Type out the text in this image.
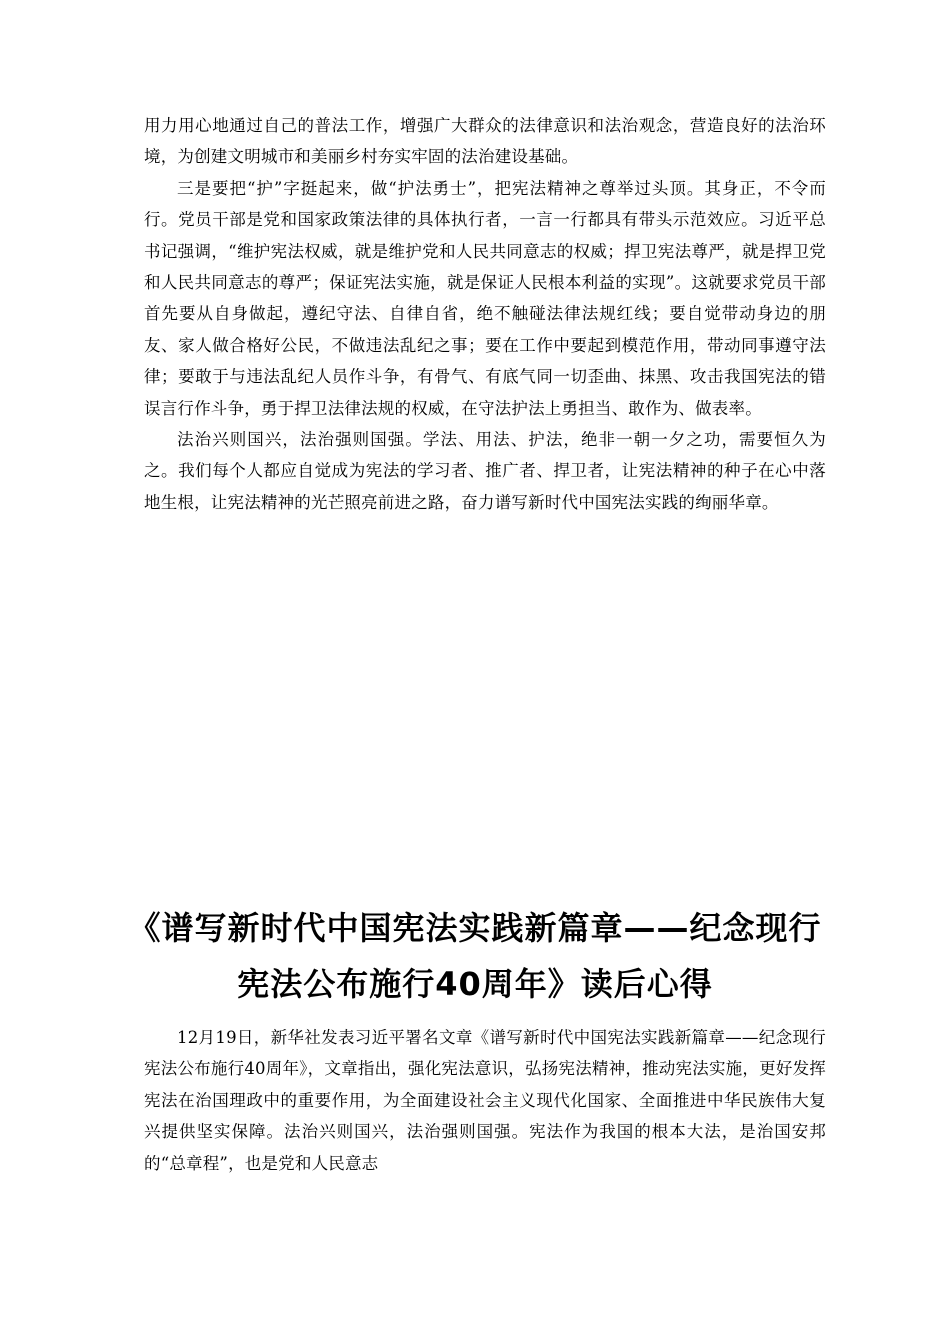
用力用心地通过自己的普法工作，增强广大群众的法律意识和法治观念，营造良好的法治环境，为创建文明城市和美丽乡村夯实牢固的法治建设基础。

三是要把“护”字挺起来，做“护法勇士”，把宪法精神之尊举过头顶。其身正，不令而行。党员干部是党和国家政策法律的具体执行者，一言一行都具有带头示范效应。习近平总书记强调，“维护宪法权威，就是维护党和人民共同意志的权威；捍卫宪法尊严，就是捍卫党和人民共同意志的尊严；保证宪法实施，就是保证人民根本利益的实现”。这就要求党员干部首先要从自身做起，遵纪守法、自律自省，绝不触碰法律法规红线；要自觉带动身边的朋友、家人做合格好公民，不做违法乱纪之事；要在工作中要起到模范作用，带动同事遵守法律；要敢于与违法乱纪人员作斗争，有骨气、有底气同一切歪曲、抹黑、攻击我国宪法的错误言行作斗争，勇于捍卫法律法规的权威，在守法护法上勇担当、敢作为、做表率。

法治兴则国兴，法治强则国强。学法、用法、护法，绝非一朝一夕之功，需要恒久为之。我们每个人都应自觉成为宪法的学习者、推广者、捍卫者，让宪法精神的种子在心中落地生根，让宪法精神的光芒照亮前进之路，奋力谱写新时代中国宪法实践的绚丽华章。

《谱写新时代中国宪法实践新篇章——纪念现行宪法公布施行40周年》读后心得

12月19日，新华社发表习近平署名文章《谱写新时代中国宪法实践新篇章——纪念现行宪法公布施行40周年》，文章指出，强化宪法意识，弘扬宪法精神，推动宪法实施，更好发挥宪法在治国理政中的重要作用，为全面建设社会主义现代化国家、全面推进中华民族伟大复兴提供坚实保障。法治兴则国兴，法治强则国强。宪法作为我国的根本大法，是治国安邦的“总章程”，也是党和人民意志
